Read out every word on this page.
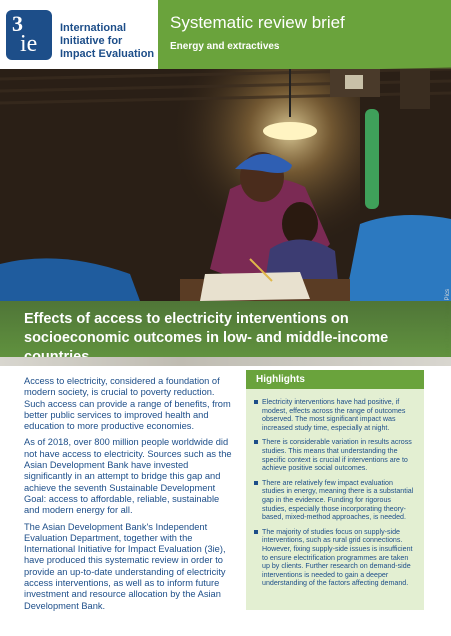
3
ie
International
Initiative for
Impact Evaluation
Systematic review brief
Energy and extractives
Effects of access to electricity interventions on socioeconomic outcomes in low- and middle-income

Access to electricity, considered a foundation of modern society, is crucial to poverty reduction. Such access can provide a range of benefits, from better public services to improved health and education to more productive economies.

As of 2018, over 800 million people worldwide did not have access to electricity. Sources such as the Asian Development Bank have invested significantly in an attempt to bridge this gap and achieve the seventh Sustainable Development Goal: access to affordable, reliable, sustainable and modern energy for all.

The Asian Development Bank's Independent Evaluation Department, together with the International Initiative for Impact Evaluation (3ie), have produced this systematic review in order to provide an up-to-date understanding of electricity access interventions, as well as to inform future investment and resource allocation by the Asian Development Bank.

Highlights
Electricity interventions have had positive, if modest, effects across the range of outcomes observed. The most significant impact was increased study time, especially at night.
There is considerable variation in results across studies. This means that understanding the specific context is crucial if interventions are to achieve positive social outcomes.
There are relatively few impact evaluation studies in energy, meaning there is a substantial gap in the evidence. Funding for rigorous studies, especially those incorporating theory-based, mixed-method approaches, is needed.
The majority of studies focus on supply-side interventions, such as rural grid connections. However, fixing supply-side issues is insufficient to ensure electrification programmes are taken up by clients. Further research on demand-side interventions is needed to gain a deeper understanding of the factors affecting demand.
